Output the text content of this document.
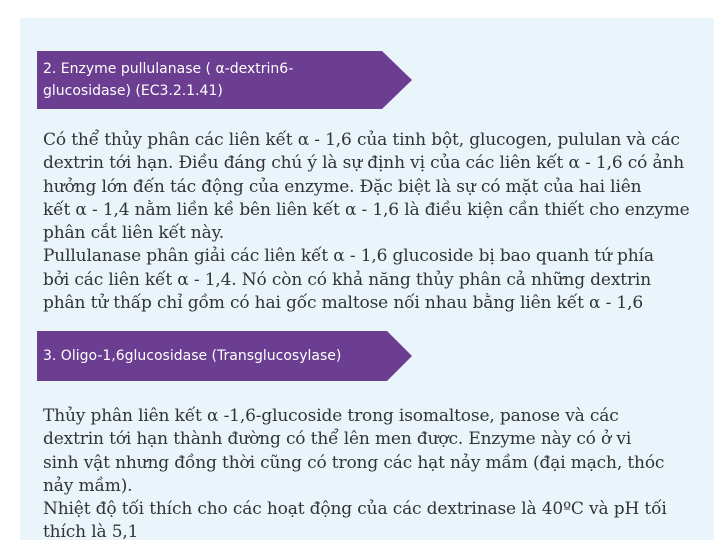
2. Enzyme pullulanase ( α-dextrin6-
glucosidase) (EC3.2.1.41)
Có thể thủy phân các liên kết α - 1,6 của tinh bột, glucogen, pululan và các
dextrin tới hạn. Điều đáng chú ý là sự định vị của các liên kết α - 1,6 có ảnh
hưởng lớn đến tác động của enzyme. Đặc biệt là sự có mặt của hai liên
kết α - 1,4 nằm liền kề bên liên kết α - 1,6 là điều kiện cần thiết cho enzyme
phân cắt liên kết này.
Pullulanase phân giải các liên kết α - 1,6 glucoside bị bao quanh tứ phía
bởi các liên kết α - 1,4. Nó còn có khả năng thủy phân cả những dextrin
phân tử thấp chỉ gồm có hai gốc maltose nối nhau bằng liên kết α - 1,6
3. Oligo-1,6glucosidase (Transglucosylase)
Thủy phân liên kết α -1,6-glucoside trong isomaltose, panose và các
dextrin tới hạn thành đường có thể lên men được. Enzyme này có ở vi
sinh vật nhưng đồng thời cũng có trong các hạt nảy mầm (đại mạch, thóc
nảy mầm).
Nhiệt độ tối thích cho các hoạt động của các dextrinase là 40ºC và pH tối
thích là 5,1
